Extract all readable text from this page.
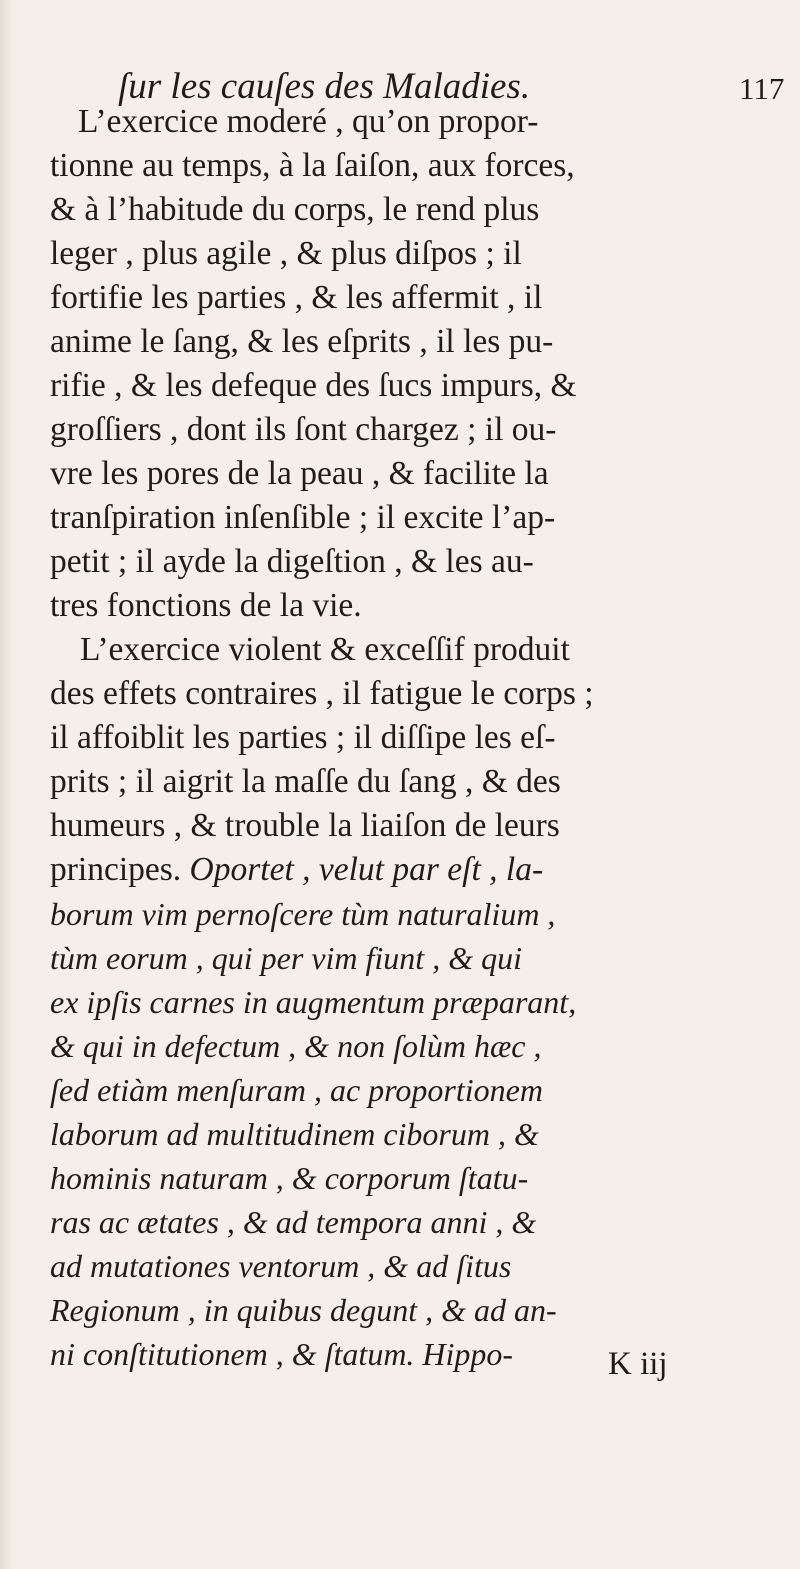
ſur les cauſes des Maladies.	117
L’exercice moderé , qu’on propor-
tionne au temps, à la ſaiſon, aux forces,
& à l’habitude du corps, le rend plus
leger , plus agile , & plus diſpos ; il
fortifie les parties , & les affermit , il
anime le ſang, & les eſprits , il les pu-
rifie , & les defeque des ſucs impurs, &
groſſiers , dont ils ſont chargez ; il ou-
vre les pores de la peau , & facilite la
tranſpiration inſenſible ; il excite l’ap-
petit ; il ayde la digeſtion , & les au-
tres fonctions de la vie.
L’exercice violent & exceſſif produit
des effets contraires , il fatigue le corps ;
il affoiblit les parties ; il diſſipe les eſ-
prits ; il aigrit la maſſe du ſang , & des
humeurs , & trouble la liaiſon de leurs
principes. Oportet , velut par eſt , la-
borum vim pernoſcere tùm naturalium ,
tùm eorum , qui per vim fiunt , & qui
ex ipſis carnes in augmentum præparant,
& qui in defectum , & non ſolùm hæc ,
ſed etiàm menſuram , ac proportionem
laborum ad multitudinem ciborum , &
hominis naturam , & corporum ſtatu-
ras ac ætates , & ad tempora anni , &
ad mutationes ventorum , & ad ſitus
Regionum , in quibus degunt , & ad an-
ni conſtitutionem , & ſtatum. Hippo-	K iij
